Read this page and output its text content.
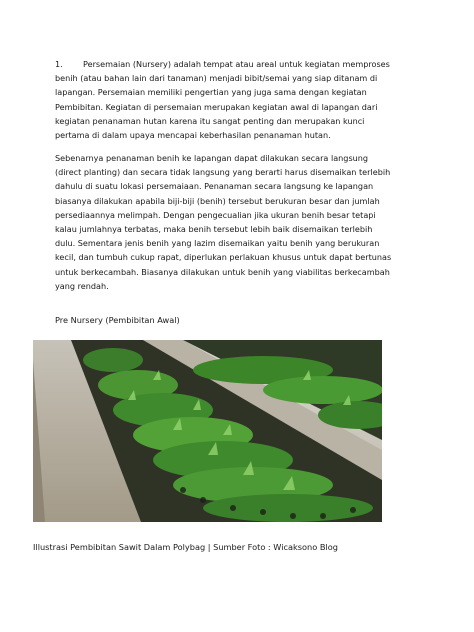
1.	Persemaian (Nursery) adalah tempat atau areal untuk kegiatan memproses benih (atau bahan lain dari tanaman) menjadi bibit/semai yang siap ditanam di lapangan. Persemaian memiliki pengertian yang juga sama dengan kegiatan Pembibitan. Kegiatan di persemaian merupakan kegiatan awal di lapangan dari kegiatan penanaman hutan karena itu sangat penting dan merupakan kunci pertama di dalam upaya mencapai keberhasilan penanaman hutan.
Sebenarnya penanaman benih ke lapangan dapat dilakukan secara langsung (direct planting) dan secara tidak langsung yang berarti harus disemaikan terlebih dahulu di suatu lokasi persemaiaan. Penanaman secara langsung ke lapangan biasanya dilakukan apabila biji-biji (benih) tersebut berukuran besar dan jumlah persediaannya melimpah. Dengan pengecualian jika ukuran benih besar tetapi kalau jumlahnya terbatas, maka benih tersebut lebih baik disemaikan terlebih dulu. Sementara jenis benih yang lazim disemaikan yaitu benih yang berukuran kecil, dan tumbuh cukup rapat, diperlukan perlakuan khusus untuk dapat bertunas untuk berkecambah. Biasanya dilakukan untuk benih yang viabilitas berkecambah yang rendah.
Pre Nursery (Pembibitan Awal)
Illustrasi Pembibitan Sawit Dalam Polybag | Sumber Foto : Wicaksono Blog
